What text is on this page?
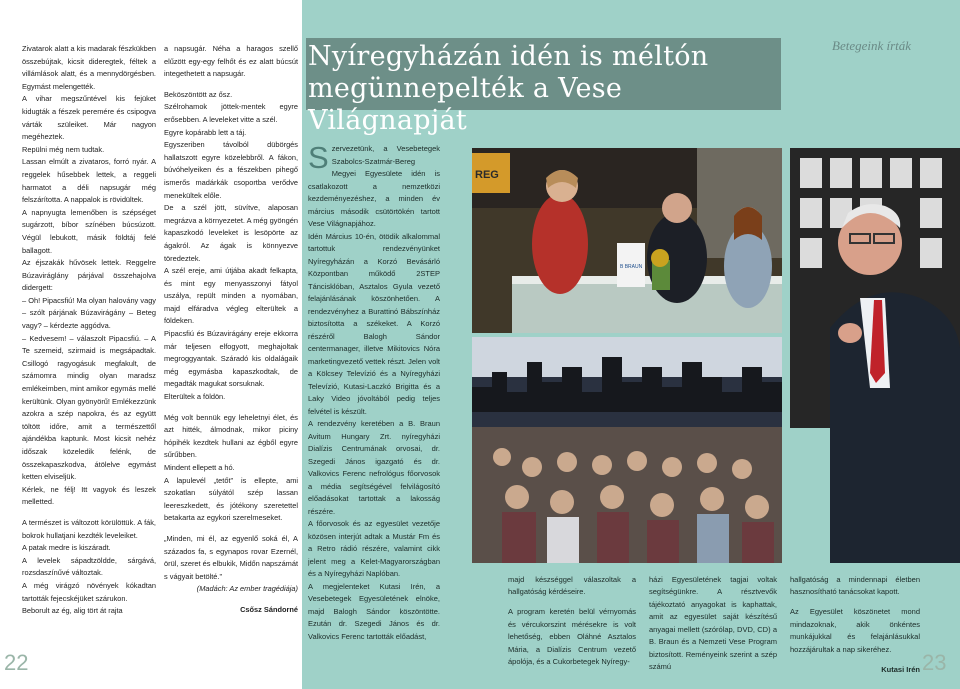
Zivatarok alatt a kis madarak fészkükben összebújtak, kicsit dideregtek, féltek a villámlások alatt, és a mennydörgésben. Egymást melengették.

A vihar megszűntével kis fejüket kidugták a fészek peremére és csipogva várták szüleiket. Már nagyon megéheztek.

Repülni még nem tudtak.

Lassan elmúlt a zivataros, forró nyár. A reggelek hűsebbek lettek, a reggeli harmatot a déli napsugár még felszárította. A nappalok is rövidültek.

A napnyugta lemenőben is szépséget sugárzott, bíbor színében búcsúzott. Végül lebukott, másik földtáj felé ballagott.

Az éjszakák hűvösek lettek. Reggelre Búzaviráglány párjával összehajolva didergett:

– Oh! Pipacsfiú! Ma olyan halovány vagy – szólt párjának Búzavirágány – Beteg vagy? – kérdezte aggódva.

– Kedvesem! – válaszolt Pipacsfiú. – A Te szemeid, szirmaid is megsápadtak. Csillogó ragyogásuk megfakult, de számomra mindig olyan maradsz emlékeimben, mint amikor egymás mellé kerültünk. Olyan gyönyörű! Emlékezzünk azokra a szép napokra, és az együtt töltött időre, amit a természettől ajándékba kaptunk. Most kicsit nehéz időszak közeledik felénk, de összekapaszkodva, átölelve egymást ketten elviseljük.

Kérlek, ne félj! Itt vagyok és leszek melletted.

A természet is változott körülöttük. A fák, bokrok hullatjani kezdték leveleiket.

A patak medre is kiszáradt.

A levelek sápadtzöldde, sárgává, rozsdaszínűvé változtak.

A még virágzó növények kókadtan tartották fejecskéjüket szárukon.

Beborult az ég, alig tört át rajta

a napsugár. Néha a haragos szellő elűzött egy-egy felhőt és ez alatt búcsút integethetett a napsugár.

Beköszöntött az ősz.

Szélrohamok jöttek-mentek egyre erősebben. A leveleket vitte a szél.

Egyre kopárabb lett a táj.

Egyszeriben távolból dübörgés hallatszott egyre közelebbről. A fákon, búvóhelyeiken és a fészekben pihegő ismerős madárkák csoportba verődve menekültek előle.

De a szél jött, süvítve, alaposan megrázva a környezetet. A még gyöngén kapaszkodó leveleket is lesöpörte az ágakról. Az ágak is könnyezve töredeztek.

A szél ereje, ami útjába akadt felkapta, és mint egy menyasszonyi fátyol uszálya, repült minden a nyomában, majd elfáradva végleg elterültek a földeken.

Pipacsfiú és Búzavirágány ereje ekkorra már teljesen elfogyott, meghajoltak megroggyantak. Száradó kis oldalágaik még egymásba kapaszkodtak, de megadták magukat sorsuknak.

Elterültek a földön.

Még volt bennük egy leheletnyi élet, és azt hitték, álmodnak, mikor piciny hópihék kezdtek hullani az égből egyre sűrűbben.

Mindent ellepett a hó.

A lapulevél „tetőt” is ellepte, ami szokatlan súlyától szép lassan leereszkedett, és jótékony szeretettel betakarta az egykori szerelmeseket.

„Minden, mi él, az egyenlő soká él, A százados fa, s egynapos rovar Ezernél, örül, szeret és elbukik, Midőn napszámát s vágyait betölté.”

(Madách: Az ember tragédiája)

Csősz Sándorné

22
Nyíregyházán idén is méltón
megünnepelték a Vese Világnapját
Betegeink írták

Szervezetünk, a Vesebetegek Szabolcs-Szatmár-Bereg Megyei Egyesülete idén is csatlakozott a nemzetközi kezdeményezéshez, a minden év március második csütörtökén tartott Vese Világnapjához.

Idén Március 10-én, ötödik alkalommal tartottuk rendezvényünket Nyíregyházán a Korzó Bevásárló Központban működő 2STEP Táncisklóban, Asztalos Gyula vezető felajánlásának köszönhetően. A rendezvényhez a Burattinó Bábszínház biztosította a székeket. A Korzó részéről Balogh Sándor centermanager, illetve Mikitovics Nóra marketingvezető vettek részt. Jelen volt a Kölcsey Televízió és a Nyíregyházi Televízió, Kutasi-Laczkó Brigitta és a Laky Video jóvoltából pedig teljes felvétel is készült.

A rendezvény keretében a B. Braun Avitum Hungary Zrt. nyíregyházi Dialízis Centrumának orvosai, dr. Szegedi János igazgató és dr. Valkovics Ferenc nefrológus főorvosok a média segítségével felvilágosító előadásokat tartottak a lakosság részére.

A főorvosok és az egyesület vezetője közösen interjút adtak a Mustár Fm és a Retro rádió részére, valamint cikk jelent meg a Kelet-Magyarországban és a Nyíregyházi Naplóban.

A megjelenteket Kutasi Irén, a Vesebetegek Egyesületének elnöke, majd Balogh Sándor köszöntötte. Ezután dr. Szegedi János és dr. Valkovics Ferenc tartották előadást,

REG
B BRAUN

majd készséggel válaszoltak a hallgatóság kérdéseire.

A program keretén belül vérnyomás és vércukorszint mérésekre is volt lehetőség, ebben Oláhné Asztalos Mária, a Dialízis Centrum vezető ápolója, és a Cukorbetegek Nyíregy-

házi Egyesületének tagjai voltak segítségünkre. A résztvevők tájékoztató anyagokat is kaphattak, amit az egyesület saját készítésű anyagai mellett (szórólap, DVD, CD) a B. Braun és a Nemzeti Vese Program biztosított. Reményeink szerint a szép számú

hallgatóság a mindennapi életben hasznosítható tanácsokat kapott.

Az Egyesület köszönetet mond mindazoknak, akik önkéntes munkájukkal és felajánlásukkal hozzájárultak a nap sikeréhez.

Kutasi Irén 23
